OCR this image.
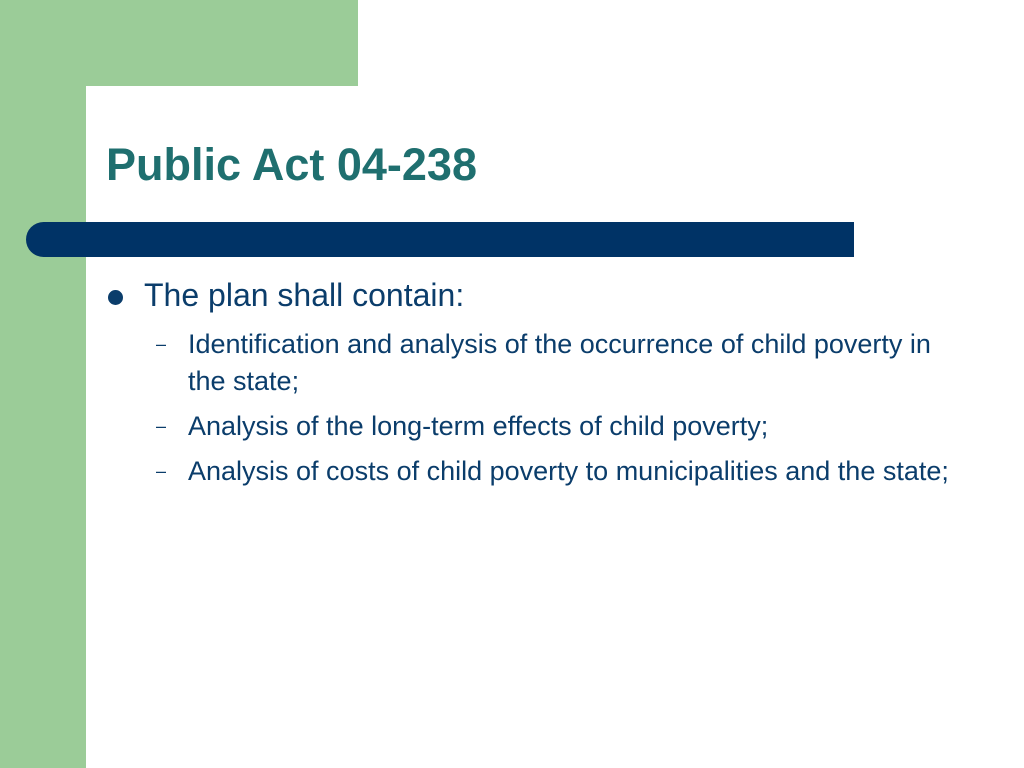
Public Act 04-238
The plan shall contain:
– Identification and analysis of the occurrence of child poverty in the state;
– Analysis of the long-term effects of child poverty;
– Analysis of costs of child poverty to municipalities and the state;
